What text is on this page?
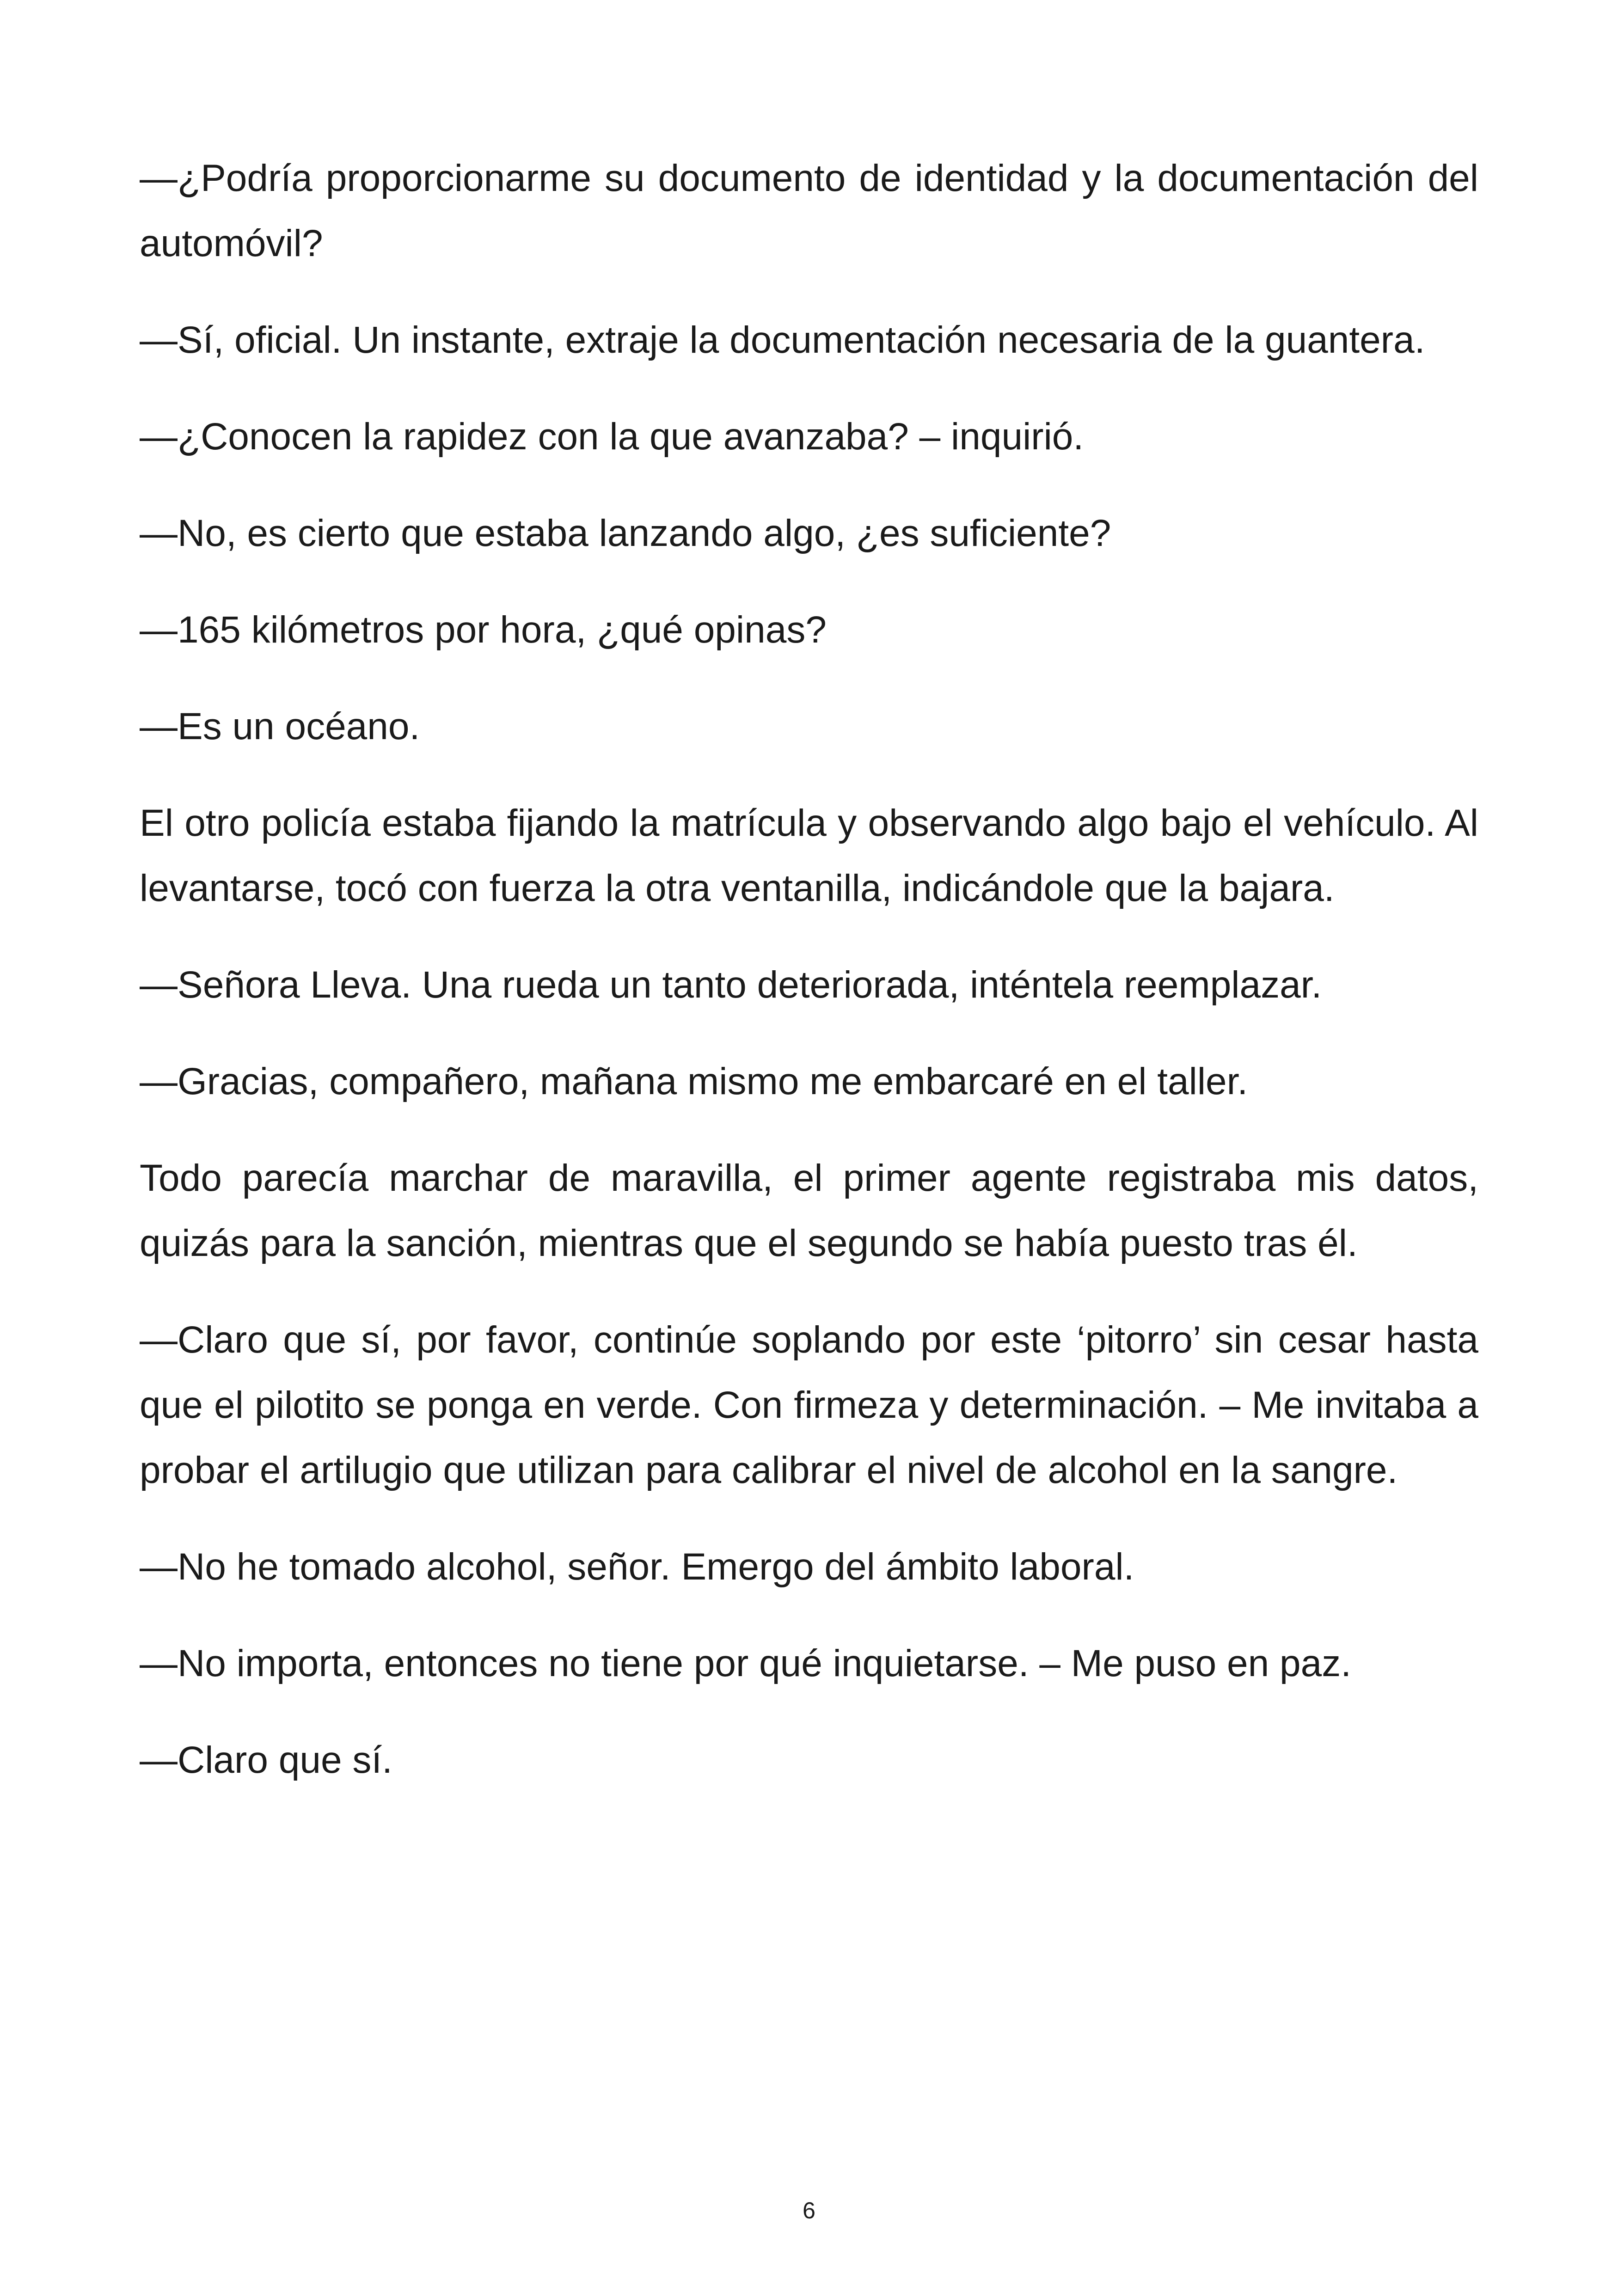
—¿Podría proporcionarme su documento de identidad y la documentación del automóvil?

—Sí, oficial. Un instante, extraje la documentación necesaria de la guantera.

—¿Conocen la rapidez con la que avanzaba? – inquirió.

—No, es cierto que estaba lanzando algo, ¿es suficiente?

—165 kilómetros por hora, ¿qué opinas?

—Es un océano.

El otro policía estaba fijando la matrícula y observando algo bajo el vehículo. Al levantarse, tocó con fuerza la otra ventanilla, indicándole que la bajara.

—Señora Lleva. Una rueda un tanto deteriorada, inténtela reemplazar.

—Gracias, compañero, mañana mismo me embarcaré en el taller.

Todo parecía marchar de maravilla, el primer agente registraba mis datos, quizás para la sanción, mientras que el segundo se había puesto tras él.

—Claro que sí, por favor, continúe soplando por este ‘pitorro’ sin cesar hasta que el pilotito se ponga en verde. Con firmeza y determinación. – Me invitaba a probar el artilugio que utilizan para calibrar el nivel de alcohol en la sangre.

—No he tomado alcohol, señor. Emergo del ámbito laboral.

—No importa, entonces no tiene por qué inquietarse. – Me puso en paz.

—Claro que sí.

6
